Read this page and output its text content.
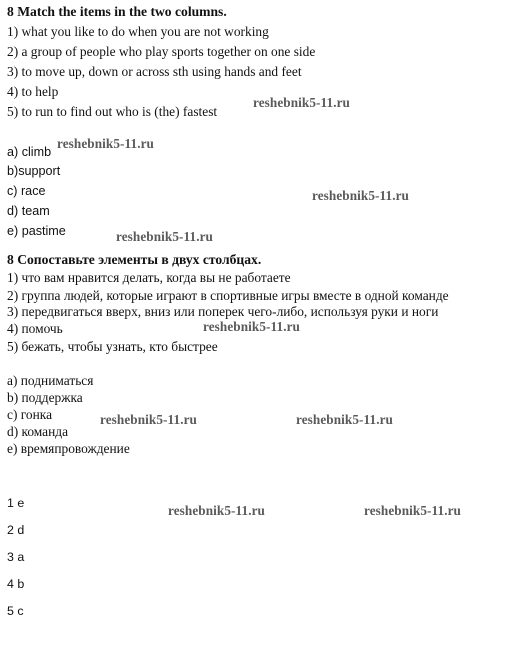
8 Match the items in the two columns.
1) what you like to do when you are not working
2) a group of people who play sports together on one side
3) to move up, down or across sth using hands and feet
4) to help
5) to run to find out who is (the) fastest
a) climb
b)support
c) race
d) team
e) pastime
8 Сопоставьте элементы в двух столбцах.
1) что вам нравится делать, когда вы не работаете
2) группа людей, которые играют в спортивные игры вместе в одной команде
3) передвигаться вверх, вниз или поперек чего-либо, используя руки и ноги
4) помочь
5) бежать, чтобы узнать, кто быстрее
a) подниматься
b) поддержка
c) гонка
d) команда
e) времяпровождение
1 e
2 d
3 a
4 b
5 c
reshebnik5-11.ru
reshebnik5-11.ru
reshebnik5-11.ru
reshebnik5-11.ru
reshebnik5-11.ru
reshebnik5-11.ru	reshebnik5-11.ru
reshebnik5-11.ru	reshebnik5-11.ru
